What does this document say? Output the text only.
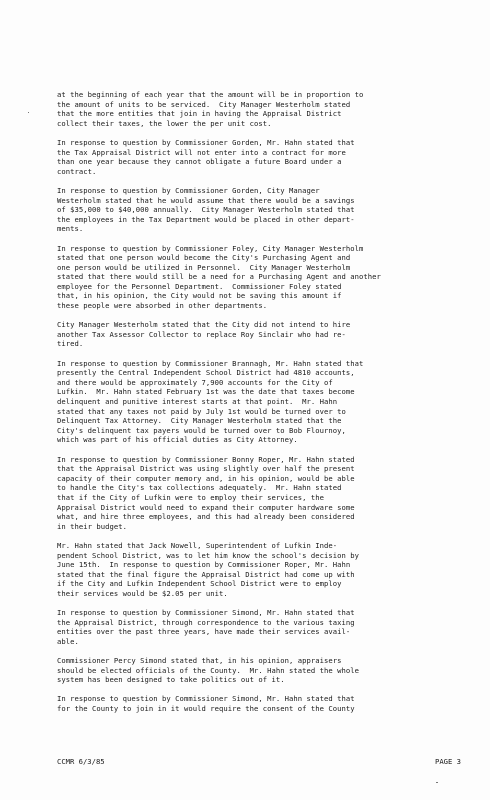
at the beginning of each year that the amount will be in proportion to
the amount of units to be serviced.  City Manager Westerholm stated
that the more entities that join in having the Appraisal District
collect their taxes, the lower the per unit cost.
In response to question by Commissioner Gorden, Mr. Hahn stated that
the Tax Appraisal District will not enter into a contract for more
than one year because they cannot obligate a future Board under a
contract.
In response to question by Commissioner Gorden, City Manager
Westerholm stated that he would assume that there would be a savings
of $35,000 to $40,000 annually.  City Manager Westerholm stated that
the employees in the Tax Department would be placed in other depart-
ments.
In response to question by Commissioner Foley, City Manager Westerholm
stated that one person would become the City's Purchasing Agent and
one person would be utilized in Personnel.  City Manager Westerholm
stated that there would still be a need for a Purchasing Agent and another
employee for the Personnel Department.  Commissioner Foley stated
that, in his opinion, the City would not be saving this amount if
these people were absorbed in other departments.
City Manager Westerholm stated that the City did not intend to hire
another Tax Assessor Collector to replace Roy Sinclair who had re-
tired.
In response to question by Commissioner Brannagh, Mr. Hahn stated that
presently the Central Independent School District had 4810 accounts,
and there would be approximately 7,900 accounts for the City of
Lufkin.  Mr. Hahn stated February 1st was the date that taxes become
delinquent and punitive interest starts at that point.  Mr. Hahn
stated that any taxes not paid by July 1st would be turned over to
Delinquent Tax Attorney.  City Manager Westerholm stated that the
City's delinquent tax payers would be turned over to Bob Flournoy,
which was part of his official duties as City Attorney.
In response to question by Commissioner Bonny Roper, Mr. Hahn stated
that the Appraisal District was using slightly over half the present
capacity of their computer memory and, in his opinion, would be able
to handle the City's tax collections adequately.  Mr. Hahn stated
that if the City of Lufkin were to employ their services, the
Appraisal District would need to expand their computer hardware some
what, and hire three employees, and this had already been considered
in their budget.
Mr. Hahn stated that Jack Nowell, Superintendent of Lufkin Inde-
pendent School District, was to let him know the school's decision by
June 15th.  In response to question by Commissioner Roper, Mr. Hahn
stated that the final figure the Appraisal District had come up with
if the City and Lufkin Independent School District were to employ
their services would be $2.05 per unit.
In response to question by Commissioner Simond, Mr. Hahn stated that
the Appraisal District, through correspondence to the various taxing
entities over the past three years, have made their services avail-
able.
Commissioner Percy Simond stated that, in his opinion, appraisers
should be elected officials of the County.  Mr. Hahn stated the whole
system has been designed to take politics out of it.
In response to question by Commissioner Simond, Mr. Hahn stated that
for the County to join in it would require the consent of the County
CCMR 6/3/85	PAGE 3
